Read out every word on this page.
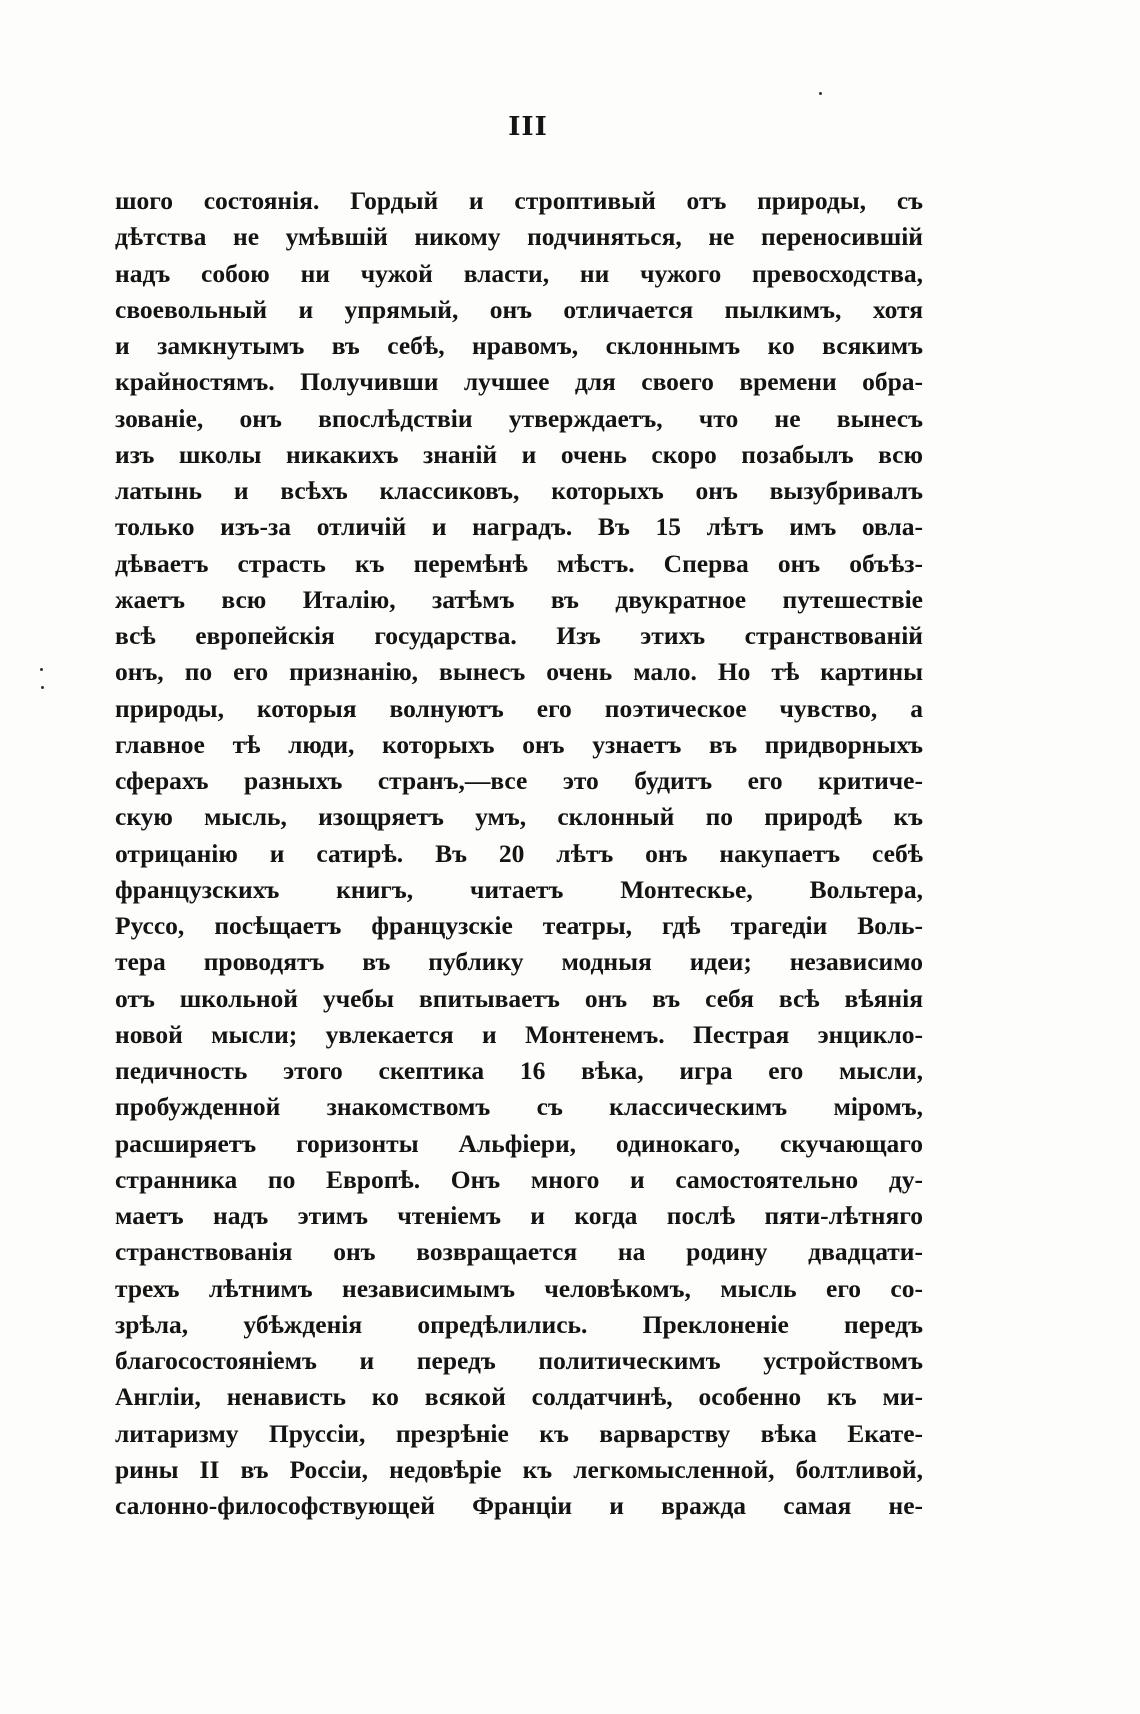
III
шого состоянія. Гордый и строптивый отъ природы, съ
дѣтства не умѣвшій никому подчиняться, не переносившій
надъ собою ни чужой власти, ни чужого превосходства,
своевольный и упрямый, онъ отличается пылкимъ, хотя
и замкнутымъ въ себѣ, нравомъ, склоннымъ ко всякимъ
крайностямъ. Получивши лучшее для своего времени обра-
зованіе, онъ впослѣдствіи утверждаетъ, что не вынесъ
изъ школы никакихъ знаній и очень скоро позабылъ всю
латынь и всѣхъ классиковъ, которыхъ онъ вызубривалъ
только изъ-за отличій и наградъ. Въ 15 лѣтъ имъ овла-
дѣваетъ страсть къ перемѣнѣ мѣстъ. Сперва онъ объѣз-
жаетъ всю Италію, затѣмъ въ двукратное путешествіе
всѣ европейскія государства. Изъ этихъ странствованій
онъ, по его признанію, вынесъ очень мало. Но тѣ картины
природы, которыя волнуютъ его поэтическое чувство, а
главное тѣ люди, которыхъ онъ узнаетъ въ придворныхъ
сферахъ разныхъ странъ,—все это будитъ его критиче-
скую мысль, изощряетъ умъ, склонный по природѣ къ
отрицанію и сатирѣ. Въ 20 лѣтъ онъ накупаетъ себѣ
французскихъ книгъ, читаетъ Монтескье, Вольтера,
Руссо, посѣщаетъ французскіе театры, гдѣ трагедіи Воль-
тера проводятъ въ публику модныя идеи; независимо
отъ школьной учебы впитываетъ онъ въ себя всѣ вѣянія
новой мысли; увлекается и Монтенемъ. Пестрая энцикло-
педичность этого скептика 16 вѣка, игра его мысли,
пробужденной знакомствомъ съ классическимъ міромъ,
расширяетъ горизонты Альфіери, одинокаго, скучающаго
странника по Европѣ. Онъ много и самостоятельно ду-
маетъ надъ этимъ чтеніемъ и когда послѣ пяти-лѣтняго
странствованія онъ возвращается на родину двадцати-
трехъ лѣтнимъ независимымъ человѣкомъ, мысль его со-
зрѣла, убѣжденія опредѣлились. Преклоненіе передъ
благосостояніемъ и передъ политическимъ устройствомъ
Англіи, ненависть ко всякой солдатчинѣ, особенно къ ми-
литаризму Пруссіи, презрѣніе къ варварству вѣка Екате-
рины II въ Россіи, недовѣріе къ легкомысленной, болтливой,
салонно-философствующей Франціи и вражда самая не-
